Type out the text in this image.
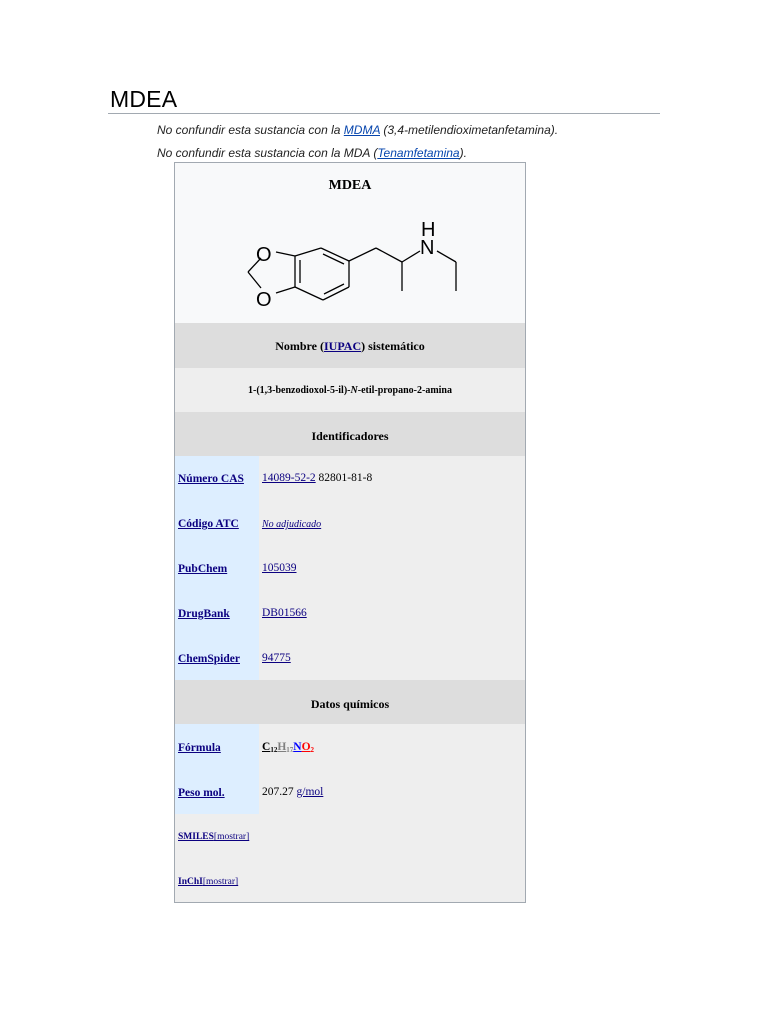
MDEA
No confundir esta sustancia con la MDMA (3,4-metilendioximetanfetamina).
No confundir esta sustancia con la MDA (Tenamfetamina).
MDEA
O
O
H
N
Nombre (IUPAC) sistemático
1-(1,3-benzodioxol-5-il)-N-etil-propano-2-amina
Identificadores
Número CAS 14089-52-2 82801-81-8
Código ATC No adjudicado
PubChem	105039
DrugBank	DB01566
ChemSpider 94775
Datos químicos
Fórmula	$C_{12}H_{17}NO_2$
Peso mol.	207.27 g/mol
SMILES[mostrar]
InChI[mostrar]
